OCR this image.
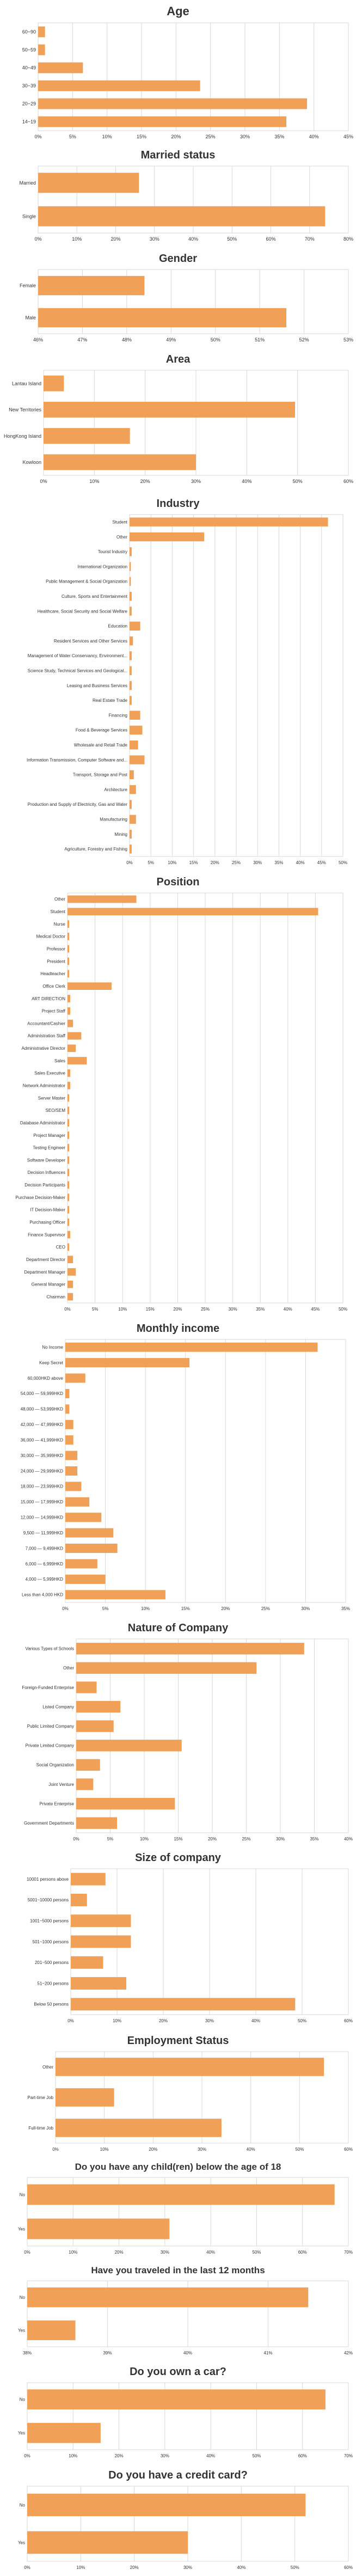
Age
0%	5%	10%	15%	20%	25%	30%	35%	40%	45%
60~90
50~59
40~49
30~39
20~29
14~19
Married status
0%	10%	20%	30%	40%	50%	60%	70%	80%
Married
Single
Gender
46%	47%	48%	49%	50%	51%	52%	53%
Female
Male
Area
0%	10%	20%	30%	40%	50%	60%
Lantau Island
New Territories
HongKong Island
Kowloon
Industry
0%	5%	10%	15%	20%	25%	30%	35%	40%	45%	50%
Student
Other
Tourist Industry
International Organization
Public Management & Social Organization
Culture, Sports and Entertainment
Healthcare, Social Security and Social Welfare
Education
Resident Services and Other Services
Management of Water Conservancy, Environment...
Science Study, Technical Services and Geological...
Leasing and Business Services
Real Estate Trade
Financing
Food & Beverage Services
Wholesale and Retail Trade
Information Transmission, Computer Software and...
Transport, Storage and Post
Architecture
Production and Supply of Electricity, Gas and Water
Manufacturing
Mining
Agriculture, Forestry and Fishing
Position
0%	5%	10%	15%	20%	25%	30%	35%	40%	45%	50%
Other
Student
Nurse
Medical Doctor
Professor
President
Headteacher
Office Clerk
ART DIRECTION
Project Staff
Accountant/Cashier
Administration Staff
Administrative Director
Sales
Sales Executive
Network Administrator
Server Master
SEO/SEM
Database Administrator
Project Manager
Testing Engineer
Software Developer
Decision Influences
Decision Participants
Purchase Decision-Maker
IT Decision-Maker
Purchasing Officer
Finance Supervisor
CEO
Department Director
Department Manager
General Manager
Chairman
Monthly income
0%	5%	10%	15%	20%	25%	30%	35%
No Income
Keep Secret
60,000HKD above
54,000 — 59,999HKD
48,000 — 53,999HKD
42,000 — 47,999HKD
36,000 — 41,999HKD
30,000 — 35,999HKD
24,000 — 29,999HKD
18,000 — 23,999HKD
15,000 — 17,999HKD
12,000 — 14,999HKD
9,500 — 11,999HKD
7,000 — 9,499HKD
6,000 — 6,999HKD
4,000 — 5,999HKD
Less than 4,000 HKD
Nature of Company
0%	5%	10%	15%	20%	25%	30%	35%	40%
Various Types of Schools
Other
Foreign-Funded Enterprise
Listed Company
Public Limited Company
Private Limited Company
Social Organization
Joint Venture
Private Enterprise
Government Departments
Size of company
0%	10%	20%	30%	40%	50%	60%
10001 persons above
5001~10000 persons
1001~5000 persons
501~1000 persons
201~500 persons
51~200 persons
Below 50 persons
Employment Status
0%	10%	20%	30%	40%	50%	60%
Other
Part-time Job
Full-time Job
Do you have any child(ren) below the age of 18
0%	10%	20%	30%	40%	50%	60%	70%
No
Yes
Have you traveled in the last 12 months
38%	39%	40%	41%	42%
No
Yes
Do you own a car?
0%	10%	20%	30%	40%	50%	60%	70%
No
Yes
Do you have a credit card?
0%	10%	20%	30%	40%	50%	60%
No
Yes
